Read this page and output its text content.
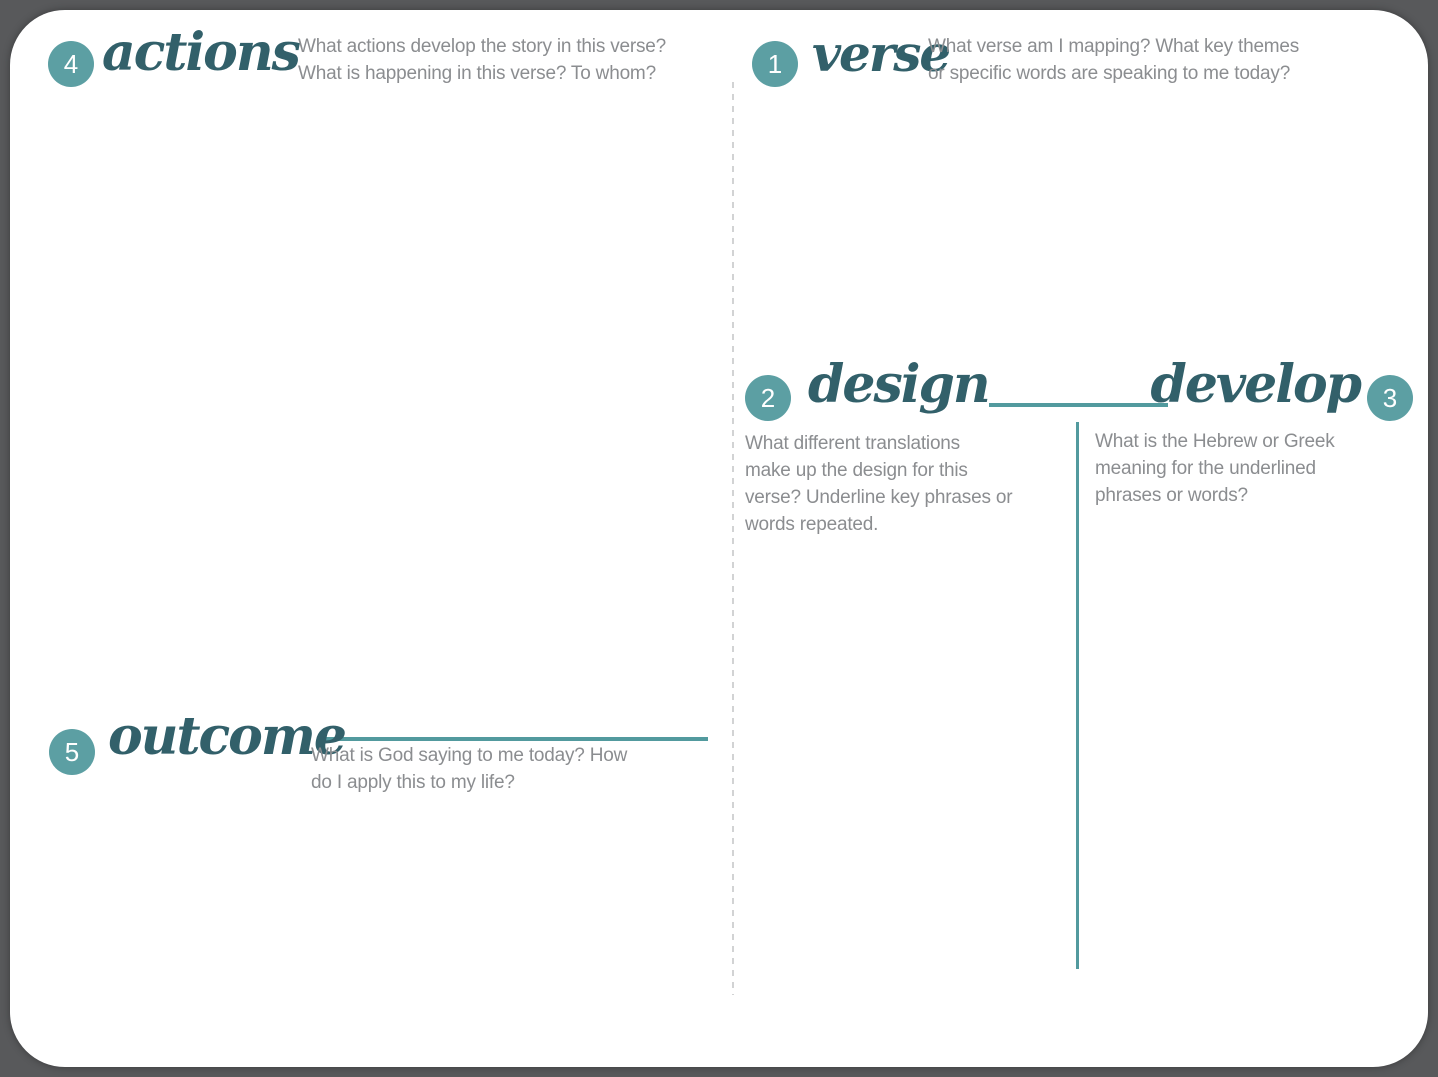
4 actions What actions develop the story in this verse?
What is happening in this verse? To whom?	1 verse
What verse am I mapping? What key themes
or specific words are speaking to me today?
2 design
What different translations
make up the design for this
verse? Underline key phrases or
words repeated.
develop 3
What is the Hebrew or Greek
meaning for the underlined
phrases or words?
5 outcome
What is God saying to me today? How
do I apply this to my life?
